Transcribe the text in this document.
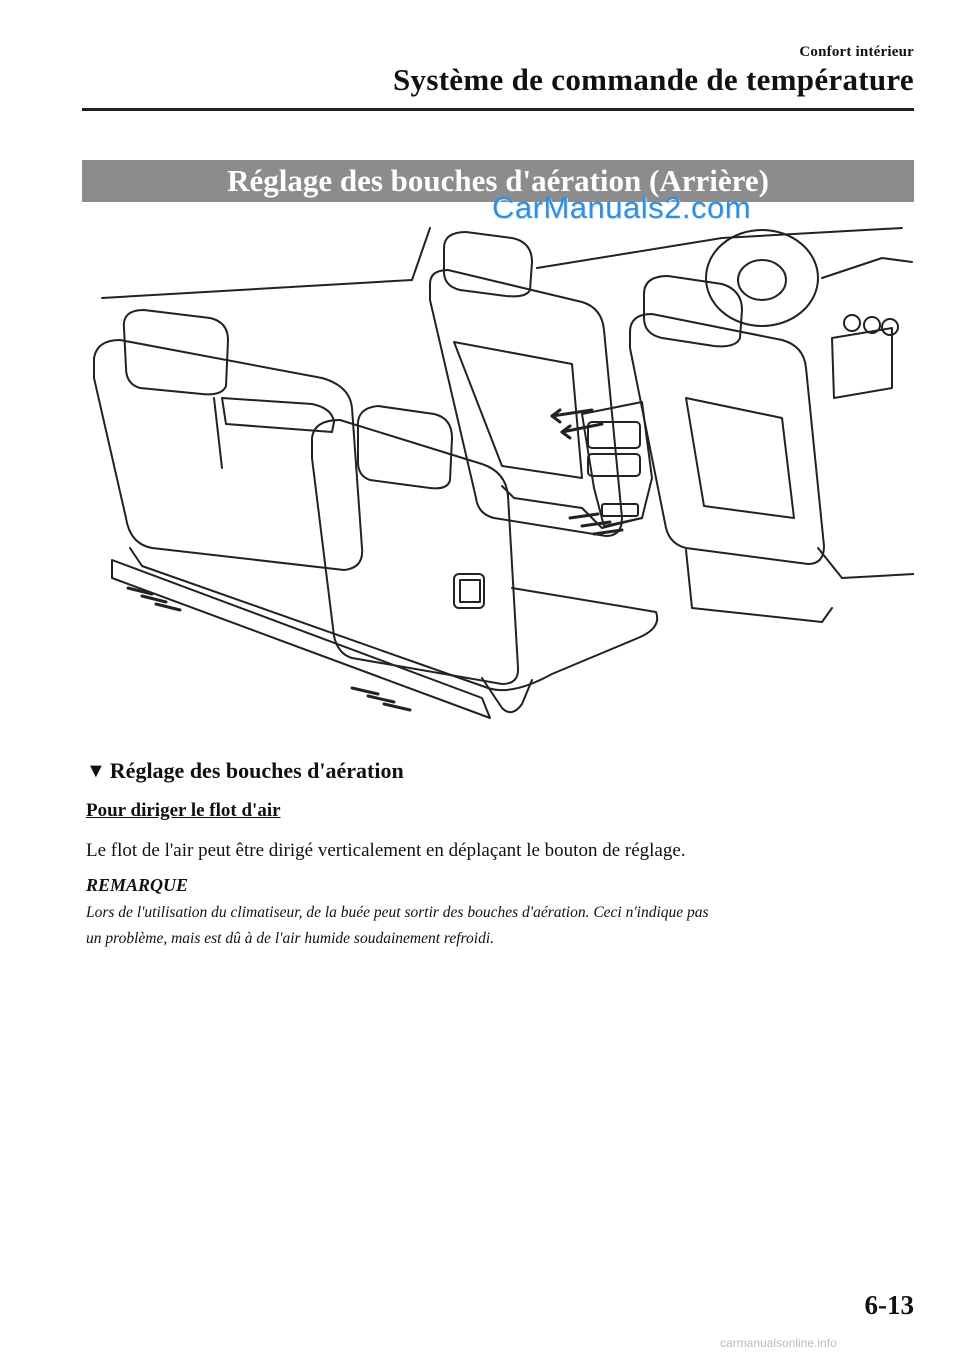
Confort intérieur
Système de commande de température
Réglage des bouches d'aération (Arrière)
CarManuals2.com
▼ Réglage des bouches d'aération
Pour diriger le flot d'air
Le flot de l'air peut être dirigé verticalement en déplaçant le bouton de réglage.
REMARQUE
Lors de l'utilisation du climatiseur, de la buée peut sortir des bouches d'aération. Ceci n'indique pas
un problème, mais est dû à de l'air humide soudainement refroidi.
6-13
carmanualsonline.info
